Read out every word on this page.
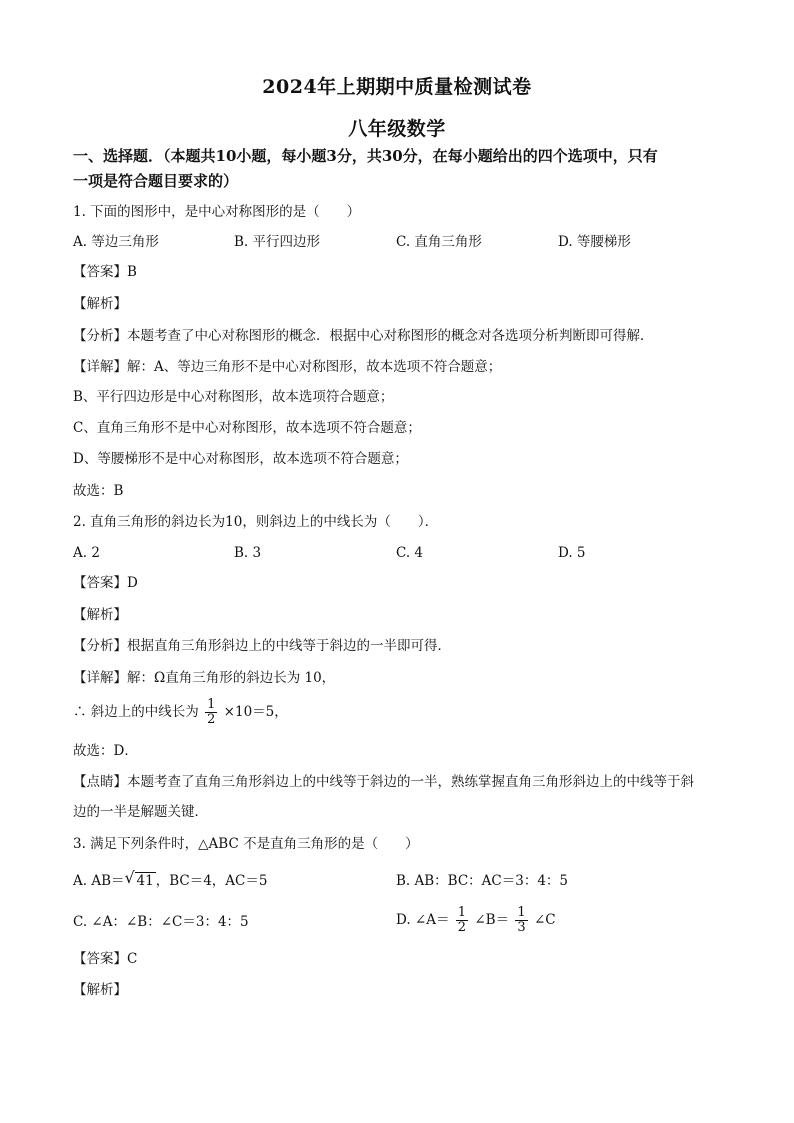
2024年上期期中质量检测试卷
八年级数学
一、选择题．（本题共10小题，每小题3分，共30分，在每小题给出的四个选项中，只有
一项是符合题目要求的）
1. 下面的图形中，是中心对称图形的是（　　）
A. 等边三角形	B. 平行四边形	C. 直角三角形	D. 等腰梯形
【答案】B
【解析】
【分析】本题考查了中心对称图形的概念．根据中心对称图形的概念对各选项分析判断即可得解．
【详解】解：A、等边三角形不是中心对称图形，故本选项不符合题意；
B、平行四边形是中心对称图形，故本选项符合题意；
C、直角三角形不是中心对称图形，故本选项不符合题意；
D、等腰梯形不是中心对称图形，故本选项不符合题意；
故选：B
2. 直角三角形的斜边长为10，则斜边上的中线长为（　　）．
A. 2	B. 3	C. 4	D. 5
【答案】D
【解析】
【分析】根据直角三角形斜边上的中线等于斜边的一半即可得．
【详解】解：Ω直角三角形的斜边长为 10，
∴ 斜边上的中线长为 $\frac{1}{2} \times 10=5$，
故选：D．
【点睛】本题考查了直角三角形斜边上的中线等于斜边的一半，熟练掌握直角三角形斜边上的中线等于斜
边的一半是解题关键．
3. 满足下列条件时，△ABC 不是直角三角形的是（　　）
A. AB＝ √ 41 ，BC＝4，AC＝5	B. AB：BC：AC＝3：4：5
C. ∠A：∠B：∠C＝3：4：5	D. ∠A＝ $\frac{1}{2}$ ∠B＝ $\frac{1}{3}$ ∠C
【答案】C
【解析】
